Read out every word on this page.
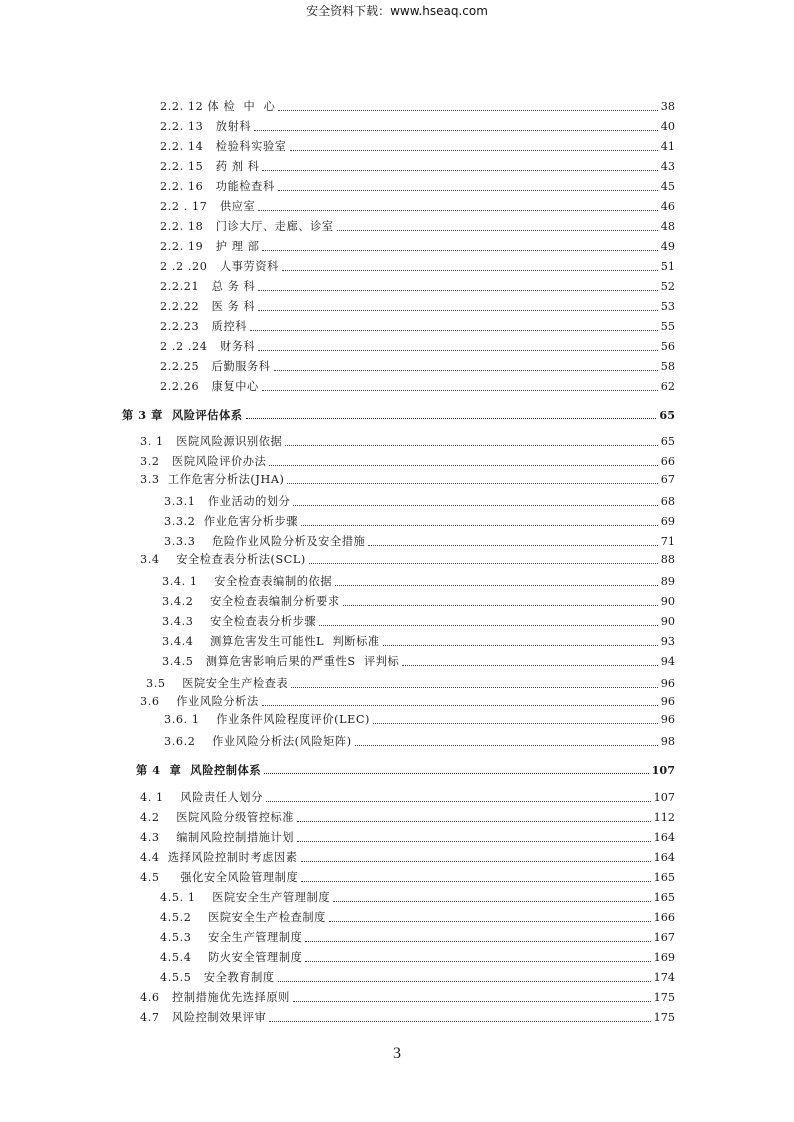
安全资料下载：www.hseaq.com
2.2. 12 体 检  中  心	38
2.2. 13   放射科	40
2.2. 14   检验科实验室	41
2.2. 15   药 剂 科	43
2.2. 16   功能检查科	45
2.2 . 17   供应室	46
2.2. 18   门诊大厅、走廊、诊室	48
2.2. 19   护 理 部	49
2 .2 .20   人事劳资科	51
2.2.21   总 务 科	52
2.2.22   医 务 科	53
2.2.23   质控科	55
2 .2 .24   财务科	56
2.2.25   后勤服务科	58
2.2.26   康复中心	62
第 3 章  风险评估体系	65
3. 1   医院风险源识别依据	65
3.2   医院风险评价办法	66
3.3  工作危害分析法(JHA)	67
3.3.1   作业活动的划分	68
3.3.2  作业危害分析步骤	69
3.3.3    危险作业风险分析及安全措施	71
3.4    安全检查表分析法(SCL)	88
3.4. 1    安全检查表编制的依据	89
3.4.2    安全检查表编制分析要求	90
3.4.3    安全检查表分析步骤	90
3.4.4    测算危害发生可能性L  判断标准	93
3.4.5   测算危害影响后果的严重性S  评判标	94
3.5    医院安全生产检查表	96
3.6    作业风险分析法	96
3.6. 1    作业条件风险程度评价(LEC)	96
3.6.2    作业风险分析法(风险矩阵)	98
第 4  章  风险控制体系	107
4. 1    风险责任人划分	107
4.2    医院风险分级管控标准	112
4.3    编制风险控制措施计划	164
4.4  选择风险控制时考虑因素	164
4.5     强化安全风险管理制度	165
4.5. 1    医院安全生产管理制度	165
4.5.2    医院安全生产检查制度	166
4.5.3    安全生产管理制度	167
4.5.4    防火安全管理制度	169
4.5.5   安全教育制度	174
4.6   控制措施优先选择原则	175
4.7   风险控制效果评审	175
3
